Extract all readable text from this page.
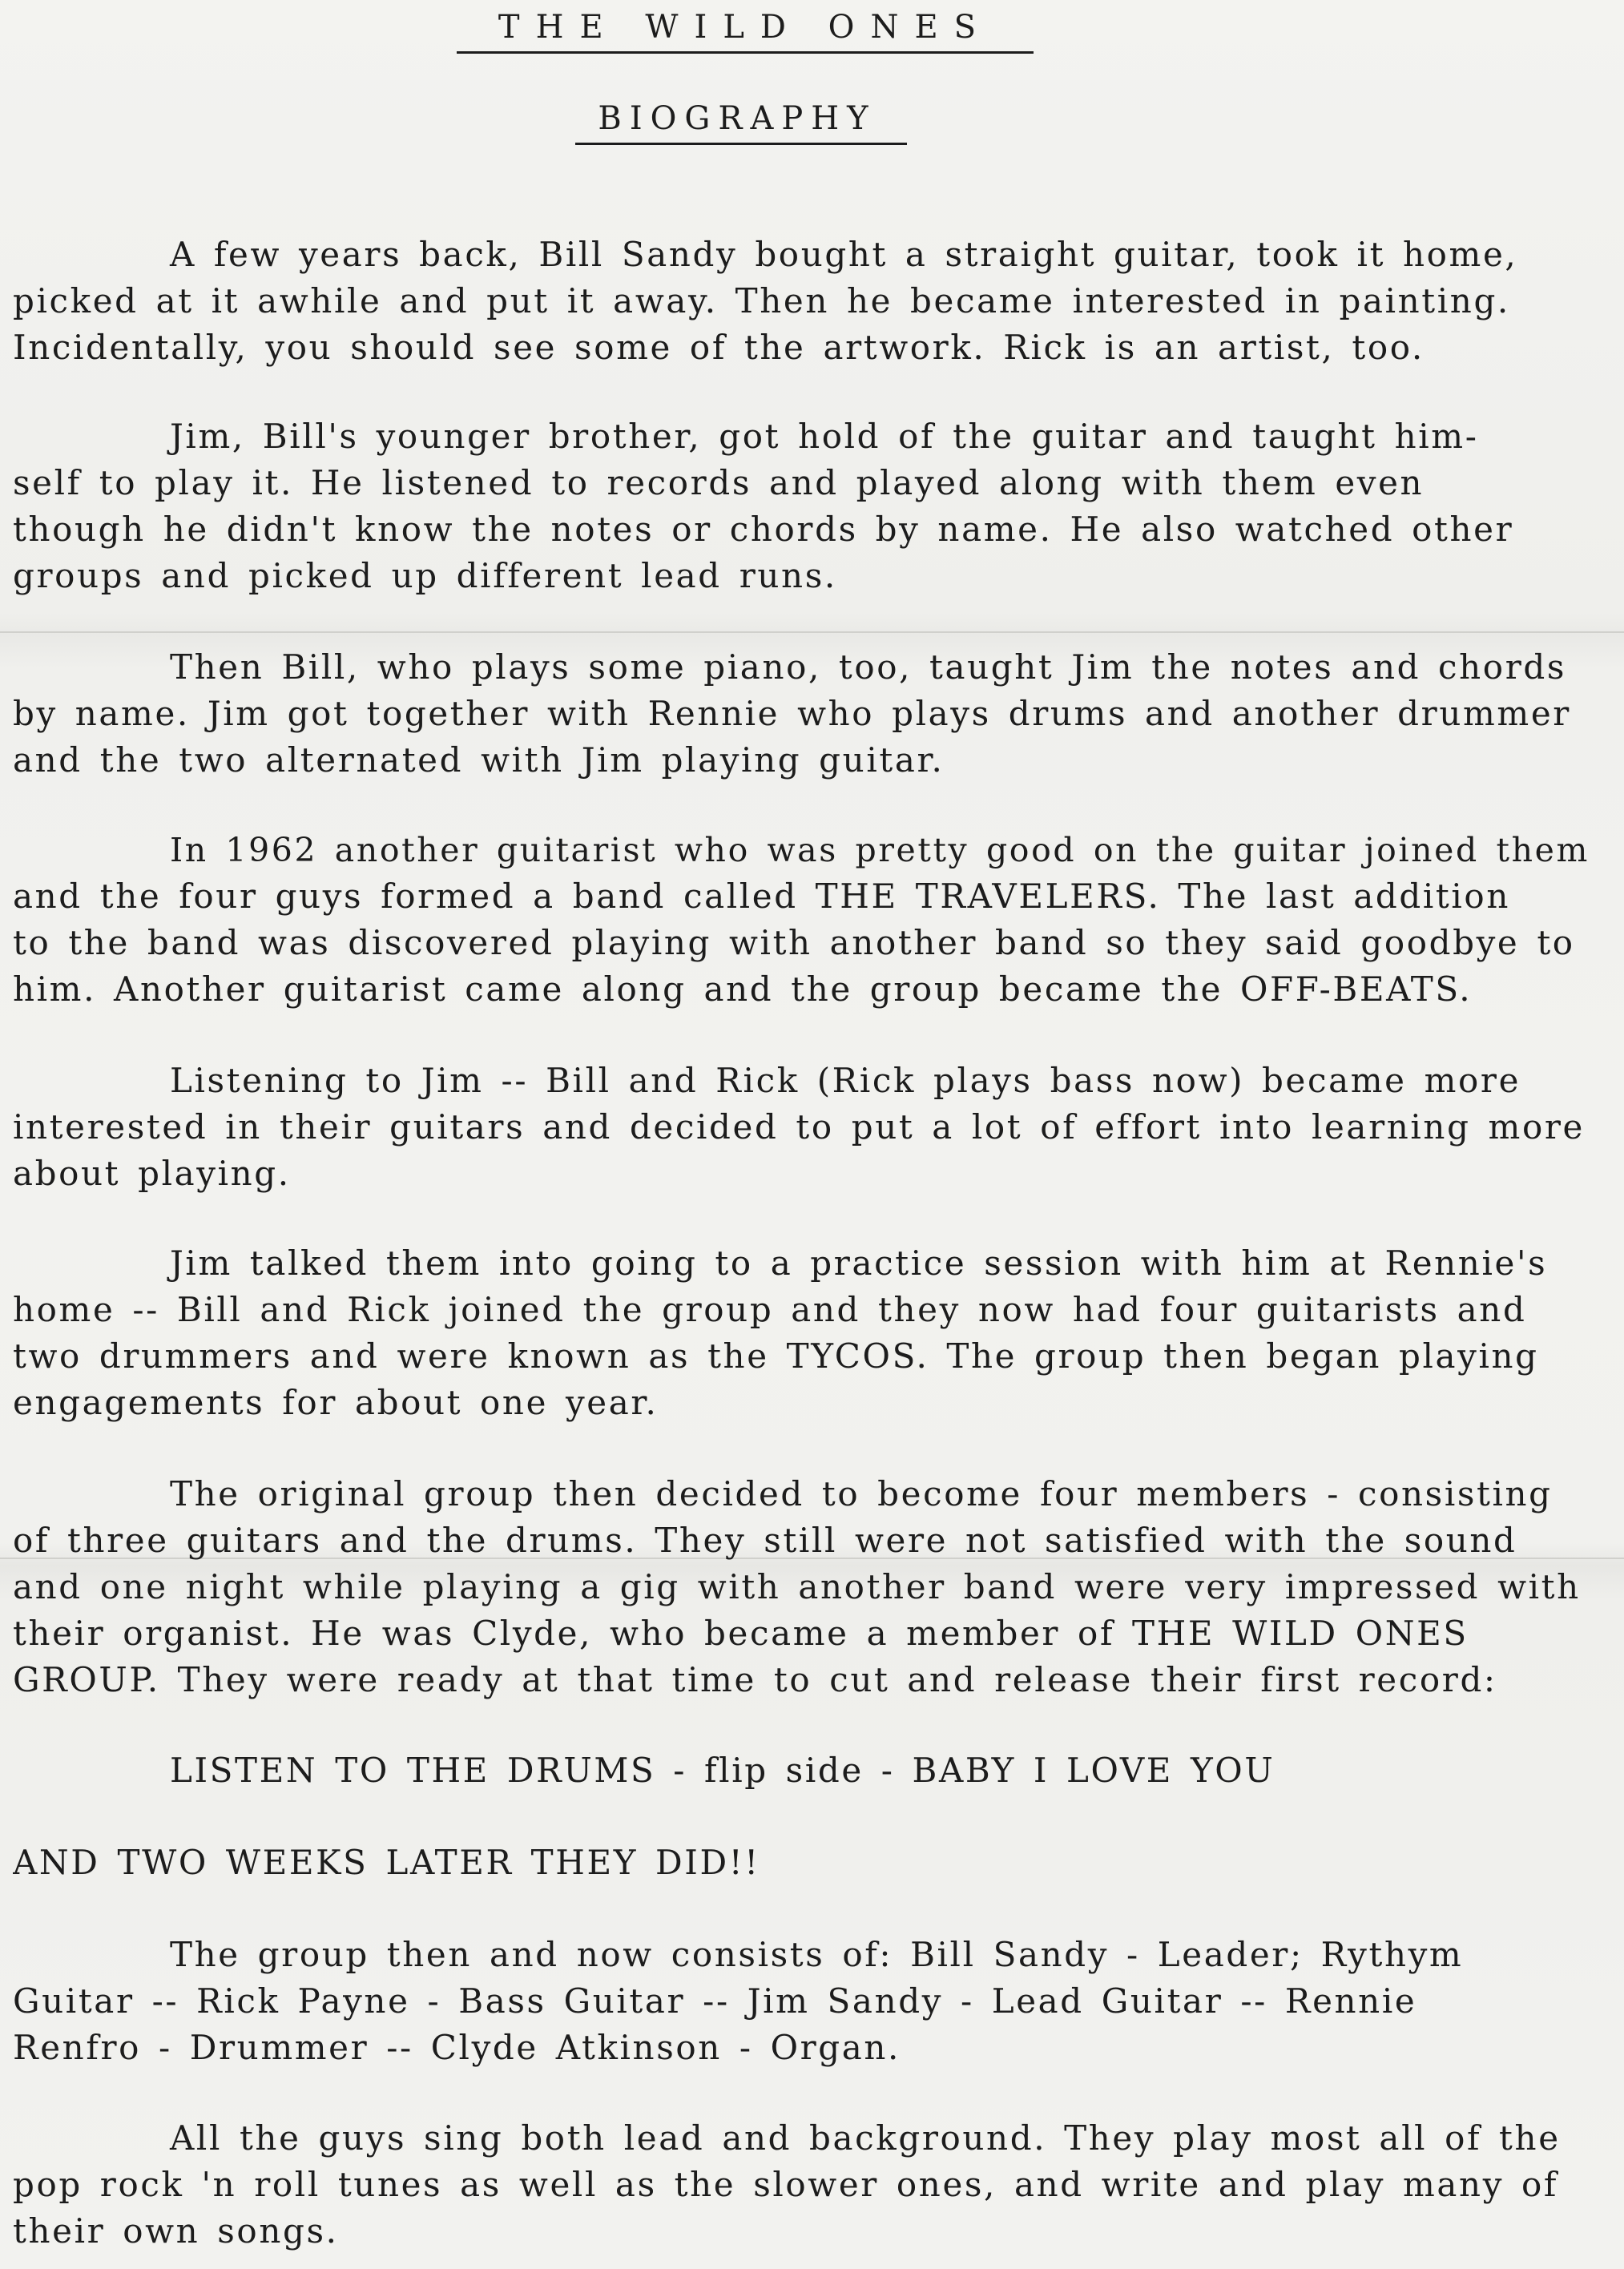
THE WILD ONES
BIOGRAPHY
A few years back, Bill Sandy bought a straight guitar, took it home,
picked at it awhile and put it away. Then he became interested in painting.
Incidentally, you should see some of the artwork. Rick is an artist, too.
Jim, Bill's younger brother, got hold of the guitar and taught him-
self to play it. He listened to records and played along with them even
though he didn't know the notes or chords by name. He also watched other
groups and picked up different lead runs.
Then Bill, who plays some piano, too, taught Jim the notes and chords
by name. Jim got together with Rennie who plays drums and another drummer
and the two alternated with Jim playing guitar.
In 1962 another guitarist who was pretty good on the guitar joined them
and the four guys formed a band called THE TRAVELERS. The last addition
to the band was discovered playing with another band so they said goodbye to
him. Another guitarist came along and the group became the OFF-BEATS.
Listening to Jim -- Bill and Rick (Rick plays bass now) became more
interested in their guitars and decided to put a lot of effort into learning more
about playing.
Jim talked them into going to a practice session with him at Rennie's
home -- Bill and Rick joined the group and they now had four guitarists and
two drummers and were known as the TYCOS. The group then began playing
engagements for about one year.
The original group then decided to become four members - consisting
of three guitars and the drums. They still were not satisfied with the sound
and one night while playing a gig with another band were very impressed with
their organist. He was Clyde, who became a member of THE WILD ONES
GROUP. They were ready at that time to cut and release their first record:
LISTEN TO THE DRUMS - flip side - BABY I LOVE YOU
AND TWO WEEKS LATER THEY DID!!
The group then and now consists of: Bill Sandy - Leader; Rythym
Guitar -- Rick Payne - Bass Guitar -- Jim Sandy - Lead Guitar -- Rennie
Renfro - Drummer -- Clyde Atkinson - Organ.
All the guys sing both lead and background. They play most all of the
pop rock 'n roll tunes as well as the slower ones, and write and play many of
their own songs.
